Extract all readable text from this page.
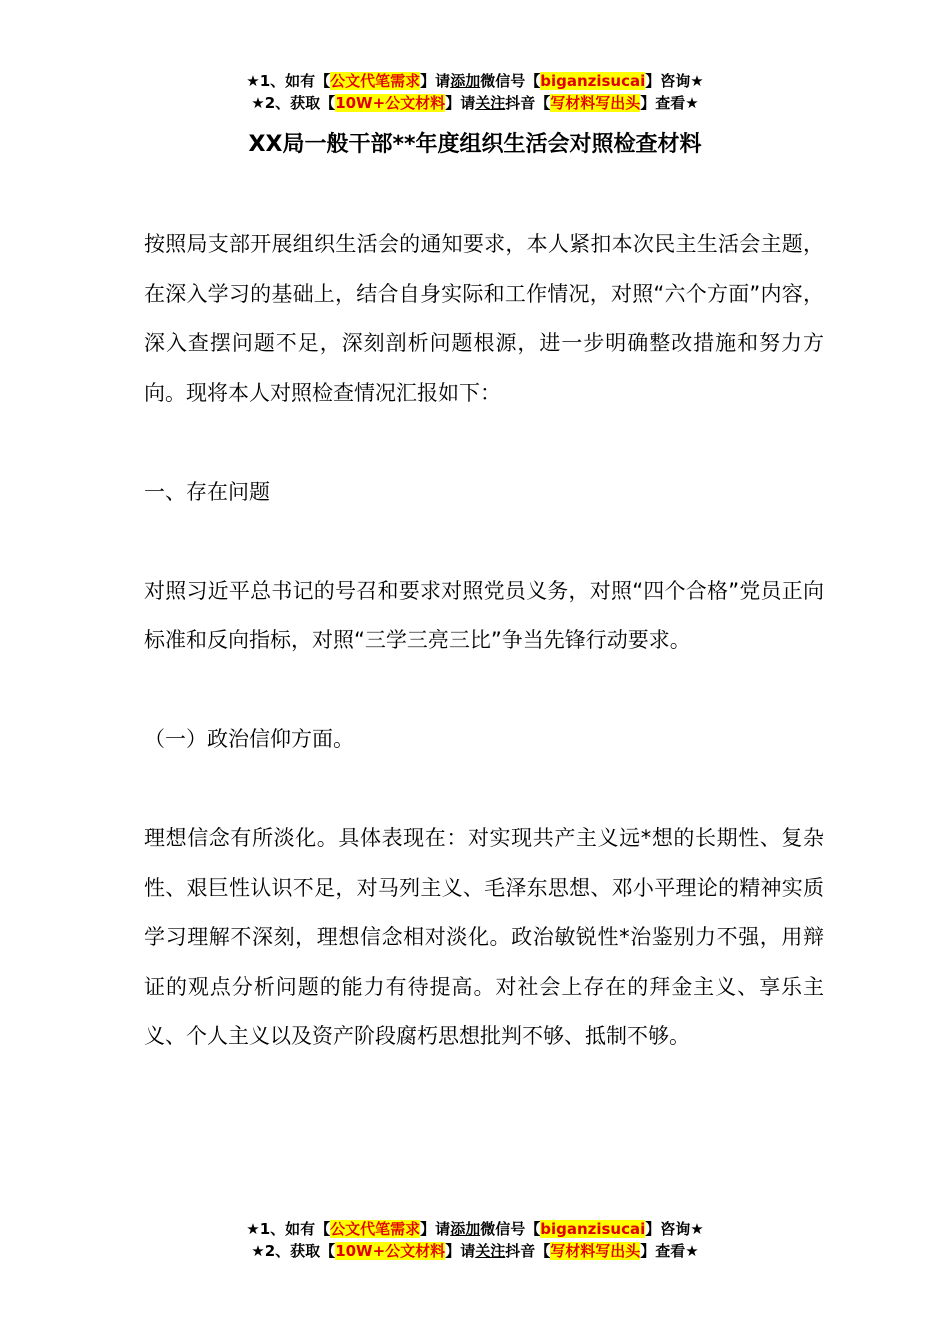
★1、如有【公文代笔需求】请添加微信号【biganzisucai】咨询★
★2、获取【10W+公文材料】请关注抖音【写材料写出头】查看★
XX局一般干部**年度组织生活会对照检查材料

按照局支部开展组织生活会的通知要求，本人紧扣本次民主生活会主题，在深入学习的基础上，结合自身实际和工作情况，对照“六个方面”内容，深入查摆问题不足，深刻剖析问题根源，进一步明确整改措施和努力方向。现将本人对照检查情况汇报如下：

一、存在问题

对照习近平总书记的号召和要求对照党员义务，对照“四个合格”党员正向标准和反向指标，对照“三学三亮三比”争当先锋行动要求。

（一）政治信仰方面。

理想信念有所淡化。具体表现在：对实现共产主义远*想的长期性、复杂性、艰巨性认识不足，对马列主义、毛泽东思想、邓小平理论的精神实质学习理解不深刻，理想信念相对淡化。政治敏锐性*治鉴别力不强，用辩证的观点分析问题的能力有待提高。对社会上存在的拜金主义、享乐主义、个人主义以及资产阶段腐朽思想批判不够、抵制不够。

★1、如有【公文代笔需求】请添加微信号【biganzisucai】咨询★
★2、获取【10W+公文材料】请关注抖音【写材料写出头】查看★
